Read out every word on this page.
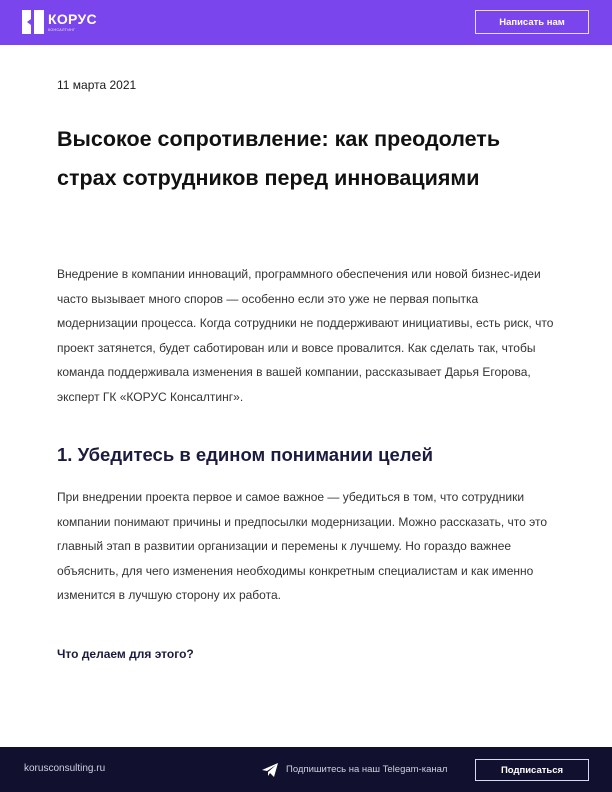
КОРУС
КОНСАЛТИНГ
Написать нам
11 марта 2021
Высокое сопротивление: как преодолеть страх сотрудников перед инновациями

Внедрение в компании инноваций, программного обеспечения или новой бизнес-идеи часто вызывает много споров — особенно если это уже не первая попытка модернизации процесса. Когда сотрудники не поддерживают инициативы, есть риск, что проект затянется, будет саботирован или и вовсе провалится. Как сделать так, чтобы команда поддерживала изменения в вашей компании, рассказывает Дарья Егорова, эксперт ГК «КОРУС Консалтинг».

1. Убедитесь в едином понимании целей

При внедрении проекта первое и самое важное — убедиться в том, что сотрудники компании понимают причины и предпосылки модернизации. Можно рассказать, что это главный этап в развитии организации и перемены к лучшему. Но гораздо важнее объяснить, для чего изменения необходимы конкретным специалистам и как именно изменится в лучшую сторону их работа.

Что делаем для этого?
korusconsulting.ru	Подпишитесь на наш Telegam-канал	Подписаться
